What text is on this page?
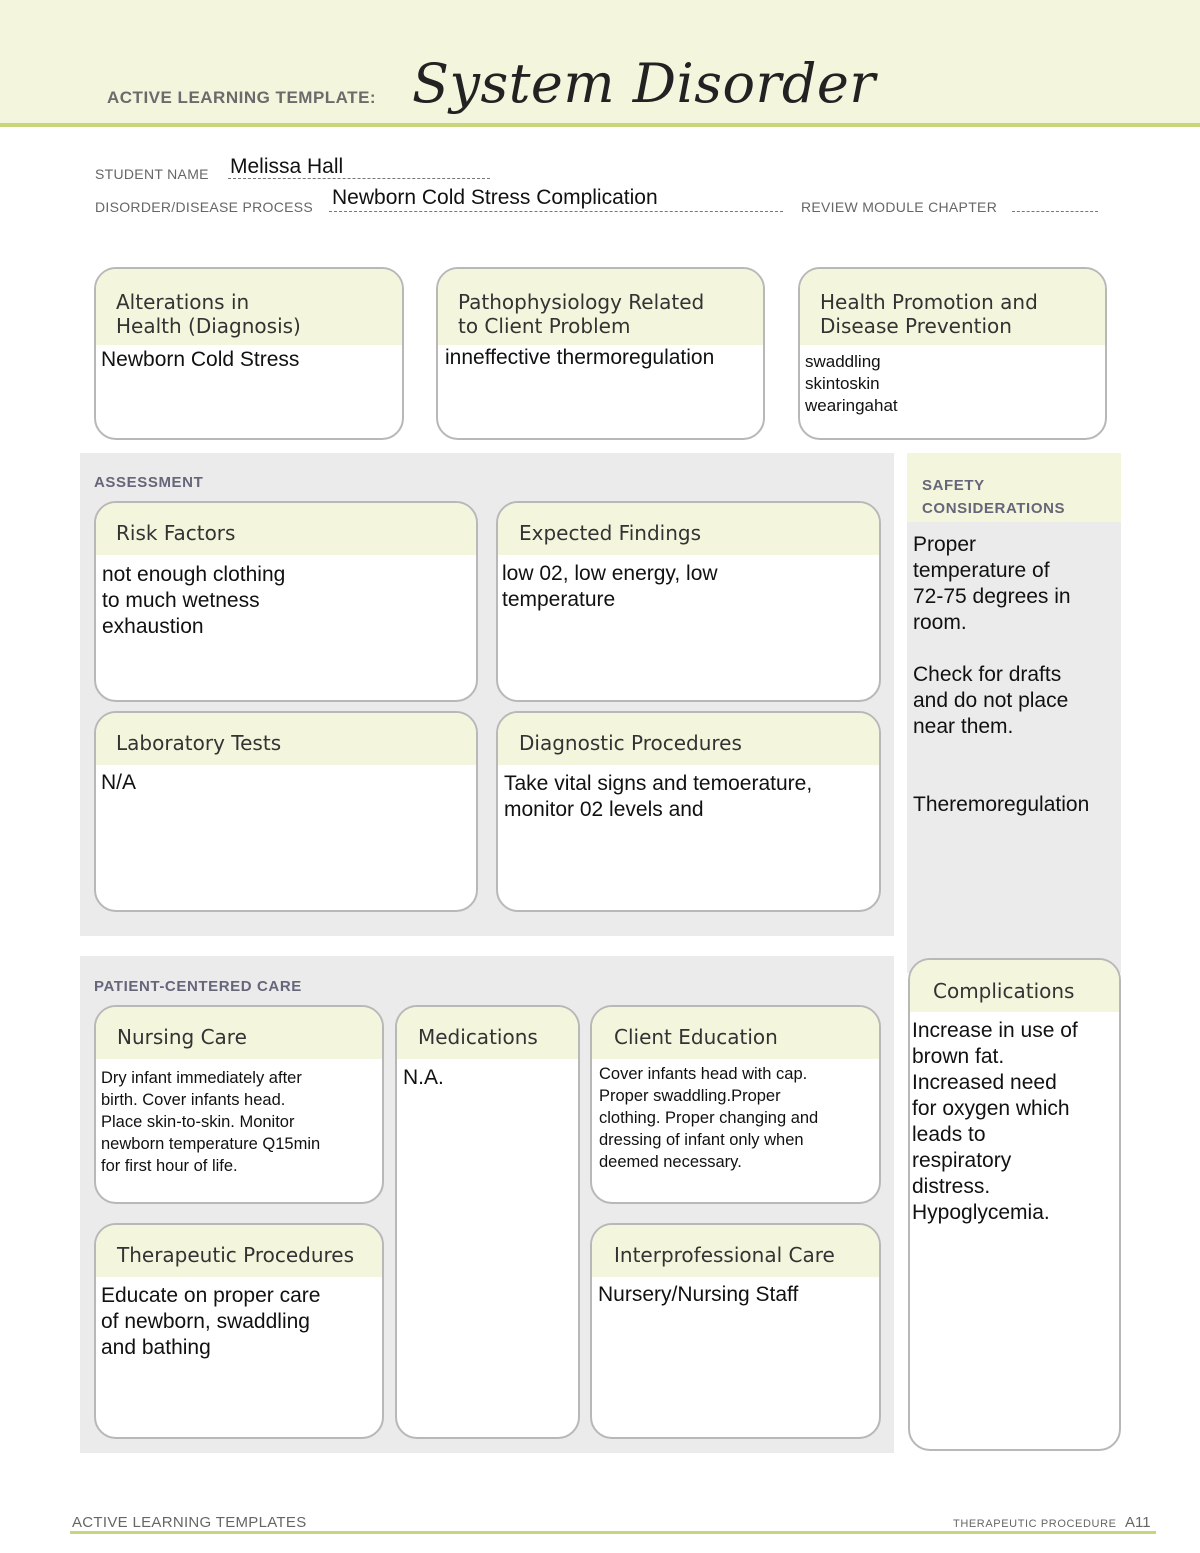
ACTIVE LEARNING TEMPLATE: System Disorder
STUDENT NAME Melissa Hall
DISORDER/DISEASE PROCESS Newborn Cold Stress Complication	REVIEW MODULE CHAPTER
Alterations in
Health (Diagnosis)
Newborn Cold Stress
Pathophysiology Related
to Client Problem
inneffective thermoregulation
Health Promotion and
Disease Prevention
swaddling
skintoskin
wearingahat
ASSESSMENT
Risk Factors
not enough clothing
to much wetness
exhaustion
Expected Findings
low 02, low energy, low
temperature
Laboratory Tests
N/A
Diagnostic Procedures
Take vital signs and temoerature,
monitor 02 levels and
SAFETY
CONSIDERATIONS
Proper
temperature of
72-75 degrees in
room.

Check for drafts
and do not place
near them.

Theremoregulation
PATIENT-CENTERED CARE
Nursing Care
Dry infant immediately after
birth. Cover infants head.
Place skin-to-skin. Monitor
newborn temperature Q15min
for first hour of life.
Medications
N.A.
Client Education
Cover infants head with cap.
Proper swaddling.Proper
clothing. Proper changing and
dressing of infant only when
deemed necessary.
Therapeutic Procedures
Educate on proper care
of newborn, swaddling
and bathing
Interprofessional Care
Nursery/Nursing Staff
Complications
Increase in use of
brown fat.
Increased need
for oxygen which
leads to
respiratory
distress.
Hypoglycemia.
ACTIVE LEARNING TEMPLATES	THERAPEUTIC PROCEDURE A11
